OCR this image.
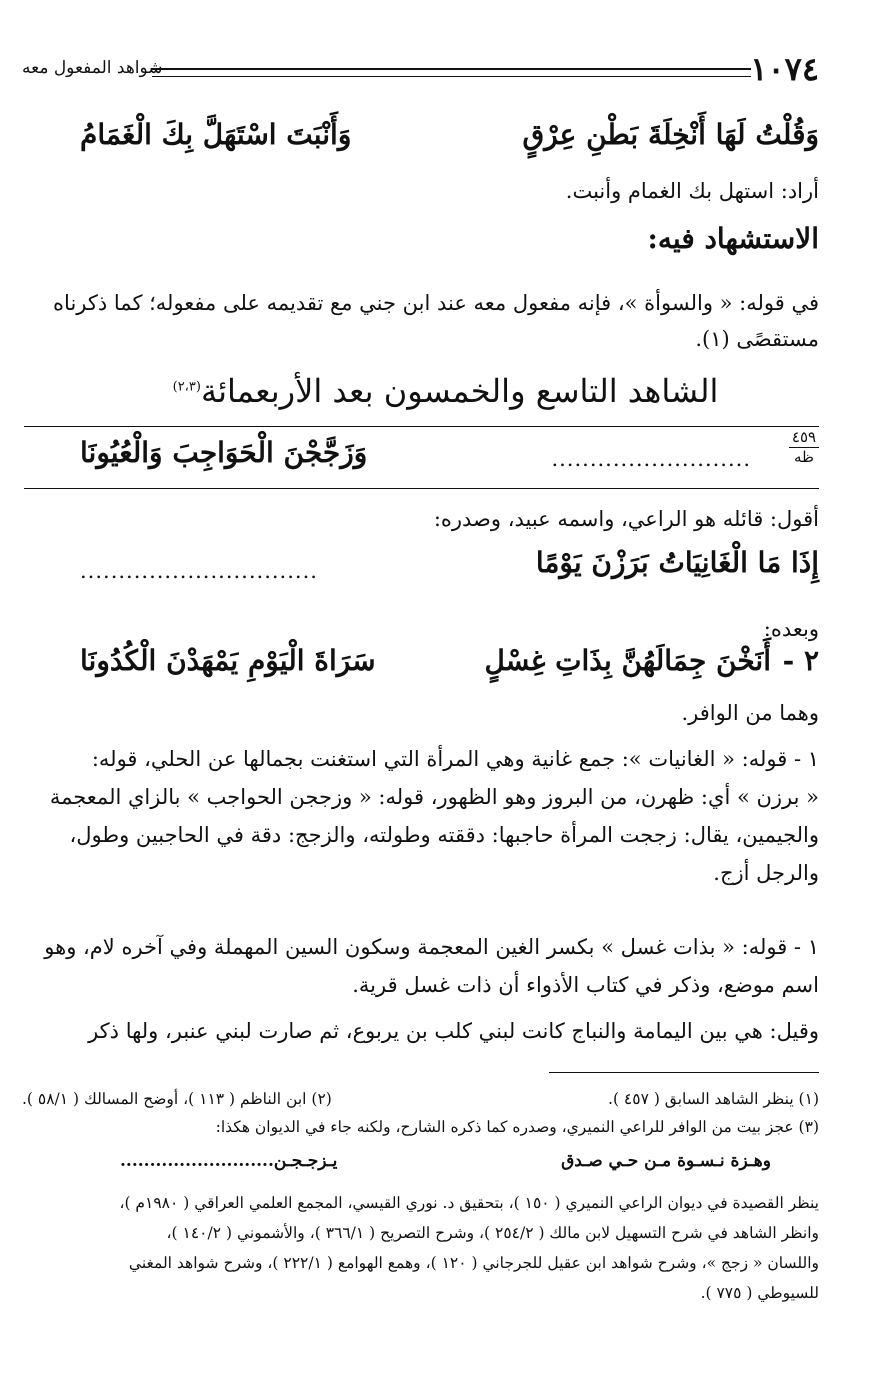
١٠٧٤
شواهد المفعول معه
وَقُلْتُ لَهَا أَنْخِلَةَ بَطْنِ عِرْقٍ
وَأَنْبَتَ اسْتَهَلَّ بِكَ الْغَمَامُ
أراد: استهل بك الغمام وأنبت.
الاستشهاد فيه:
في قوله: « والسوأة »، فإنه مفعول معه عند ابن جني مع تقديمه على مفعوله؛ كما ذكرناه
مستقصًى (١).
الشاهد التاسع والخمسون بعد الأربعمائة$^{(٢،٣)}$
٤٥٩
ظه
..........................
وَزَجَّجْنَ الْحَوَاجِبَ وَالْعُيُونَا
أقول: قائله هو الراعي، واسمه عبيد، وصدره:
إِذَا مَا الْغَانِيَاتُ بَرَزْنَ يَوْمًا
...............................
وبعده:
٢ -
أَنَخْنَ جِمَالَهُنَّ بِذَاتِ غِسْلٍ
سَرَاةَ الْيَوْمِ يَمْهَدْنَ الْكُدُونَا
وهما من الوافر.
١ - قوله: « الغانيات »: جمع غانية وهي المرأة التي استغنت بجمالها عن الحلي، قوله:
« برزن » أي: ظهرن، من البروز وهو الظهور، قوله: « وزججن الحواجب » بالزاي المعجمة
والجيمين، يقال: زججت المرأة حاجبها: دققته وطولته، والزجج: دقة في الحاجبين وطول،
والرجل أزج.
١ - قوله: « بذات غسل » بكسر الغين المعجمة وسكون السين المهملة وفي آخره لام، وهو
اسم موضع، وذكر في كتاب الأذواء أن ذات غسل قرية.
وقيل: هي بين اليمامة والنباج كانت لبني كلب بن يربوع، ثم صارت لبني عنبر، ولها ذكر
(١) ينظر الشاهد السابق ( ٤٥٧ ).
(٢) ابن الناظم ( ١١٣ )، أوضح المسالك ( ٥٨/١ ).
(٣) عجز بيت من الوافر للراعي النميري، وصدره كما ذكره الشارح، ولكنه جاء في الديوان هكذا:
وهـزة نـسـوة مـن حـي صـدق
يـزجـجـن..........................
ينظر القصيدة في ديوان الراعي النميري ( ١٥٠ )، بتحقيق د. نوري القيسي، المجمع العلمي العراقي ( ١٩٨٠م )،
وانظر الشاهد في شرح التسهيل لابن مالك ( ٢٥٤/٢ )، وشرح التصريح ( ٣٦٦/١ )، والأشموني ( ١٤٠/٢ )،
واللسان « زجج »، وشرح شواهد ابن عقيل للجرجاني ( ١٢٠ )، وهمع الهوامع ( ٢٢٢/١ )، وشرح شواهد المغني
للسيوطي ( ٧٧٥ ).
